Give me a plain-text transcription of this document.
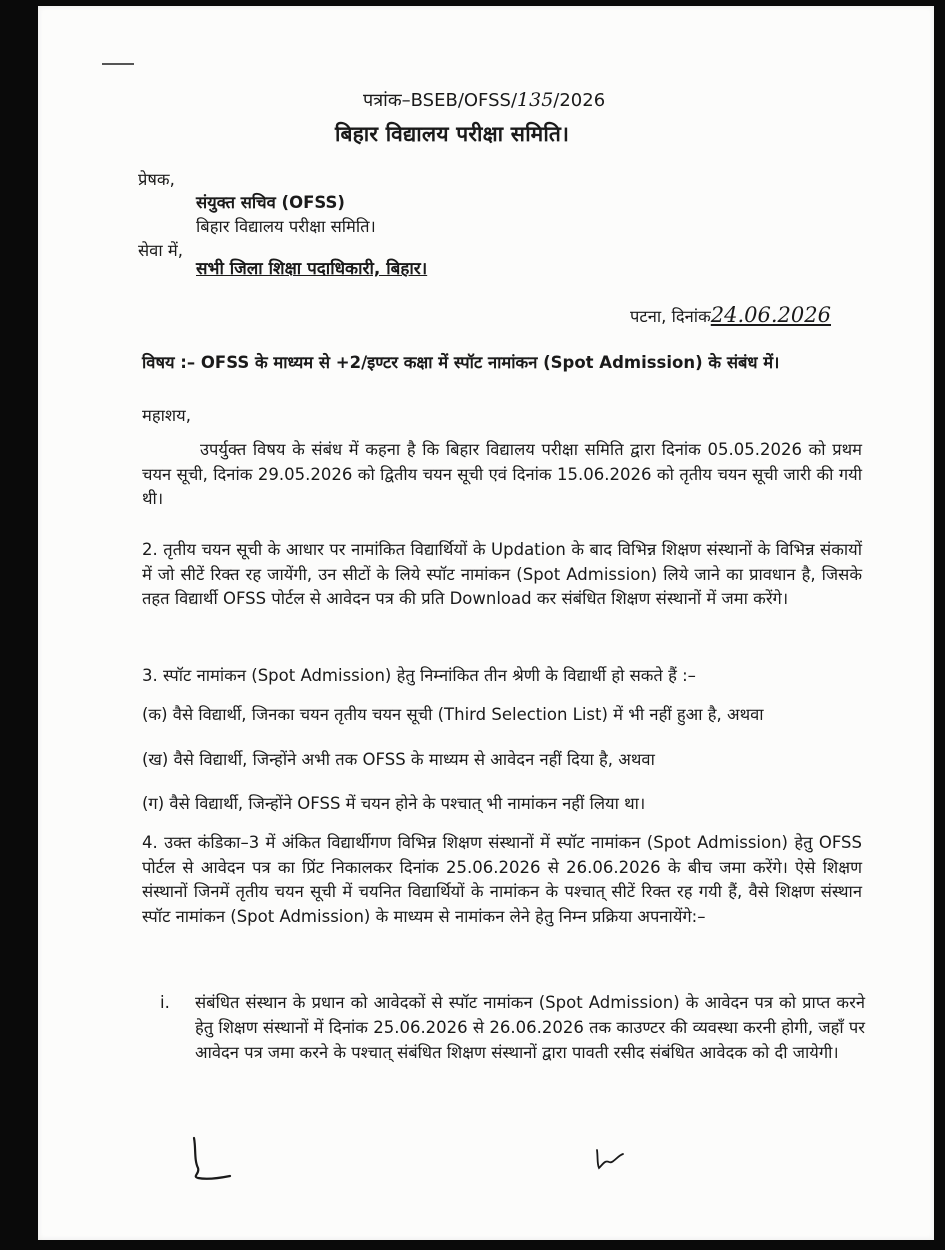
पत्रांक–BSEB/OFSS/135/2026
बिहार विद्यालय परीक्षा समिति।
प्रेषक,
संयुक्त सचिव (OFSS)
बिहार विद्यालय परीक्षा समिति।
सेवा में,
सभी जिला शिक्षा पदाधिकारी, बिहार।
पटना, दिनांक24.06.2026
विषय :– OFSS के माध्यम से +2/इण्टर कक्षा में स्पॉट नामांकन (Spot Admission) के संबंध में।
महाशय,
उपर्युक्त विषय के संबंध में कहना है कि बिहार विद्यालय परीक्षा समिति द्वारा दिनांक 05.05.2026 को प्रथम चयन सूची, दिनांक 29.05.2026 को द्वितीय चयन सूची एवं दिनांक 15.06.2026 को तृतीय चयन सूची जारी की गयी थी।
2. तृतीय चयन सूची के आधार पर नामांकित विद्यार्थियों के Updation के बाद विभिन्न शिक्षण संस्थानों के विभिन्न संकायों में जो सीटें रिक्त रह जायेंगी, उन सीटों के लिये स्पॉट नामांकन (Spot Admission) लिये जाने का प्रावधान है, जिसके तहत विद्यार्थी OFSS पोर्टल से आवेदन पत्र की प्रति Download कर संबंधित शिक्षण संस्थानों में जमा करेंगे।
3. स्पॉट नामांकन (Spot Admission) हेतु निम्नांकित तीन श्रेणी के विद्यार्थी हो सकते हैं :–
(क) वैसे विद्यार्थी, जिनका चयन तृतीय चयन सूची (Third Selection List) में भी नहीं हुआ है, अथवा
(ख) वैसे विद्यार्थी, जिन्होंने अभी तक OFSS के माध्यम से आवेदन नहीं दिया है, अथवा
(ग) वैसे विद्यार्थी, जिन्होंने OFSS में चयन होने के पश्चात् भी नामांकन नहीं लिया था।
4. उक्त कंडिका–3 में अंकित विद्यार्थीगण विभिन्न शिक्षण संस्थानों में स्पॉट नामांकन (Spot Admission) हेतु OFSS पोर्टल से आवेदन पत्र का प्रिंट निकालकर दिनांक 25.06.2026 से 26.06.2026 के बीच जमा करेंगे। ऐसे शिक्षण संस्थानों जिनमें तृतीय चयन सूची में चयनित विद्यार्थियों के नामांकन के पश्चात् सीटें रिक्त रह गयी हैं, वैसे शिक्षण संस्थान स्पॉट नामांकन (Spot Admission) के माध्यम से नामांकन लेने हेतु निम्न प्रक्रिया अपनायेंगे:–
i. संबंधित संस्थान के प्रधान को आवेदकों से स्पॉट नामांकन (Spot Admission) के आवेदन पत्र को प्राप्त करने हेतु शिक्षण संस्थानों में दिनांक 25.06.2026 से 26.06.2026 तक काउण्टर की व्यवस्था करनी होगी, जहाँ पर आवेदन पत्र जमा करने के पश्चात् संबंधित शिक्षण संस्थानों द्वारा पावती रसीद संबंधित आवेदक को दी जायेगी।
